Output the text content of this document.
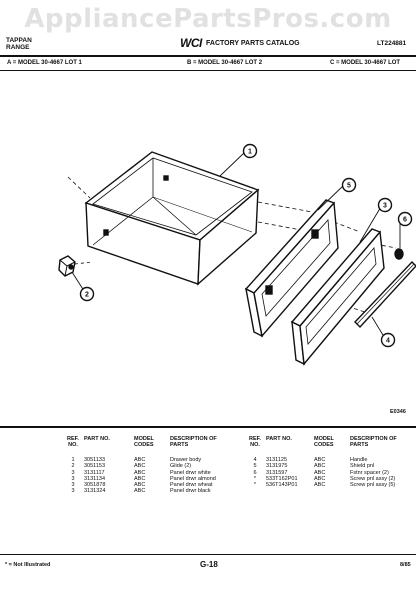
AppliancePartsPros.com
TAPPAN
RANGE	WCI FACTORY PARTS CATALOG	LT224881
A = MODEL 30-4667 LOT 1	B = MODEL 30-4667 LOT 2	C = MODEL 30-4667 LOT
1
5
3
6
2
4
E0346
REF. NO.
PART NO.	MODEL CODES
DESCRIPTION OF PARTS
1	3051133	ABC	Drawer body
2	3051153	ABC	Glide (2)
3	3131117	ABC	Panel drwr white
3	3131134	ABC	Panel drwr almond
3	3051878	ABC	Panel drwr wheat
3	3131324	ABC	Panel drwr black
REF. NO.
PART NO.	MODEL CODES
DESCRIPTION OF PARTS
4	3131125	ABC	Handle
5	3131975	ABC	Shield pnl
6	3131597	ABC	Fstnr spacer (2)
*	533T162P01	ABC	Screw pnl assy (2)
*	536T143P01	ABC	Screw pnl assy (5)
* = Not Illustrated	G-18	8/85
